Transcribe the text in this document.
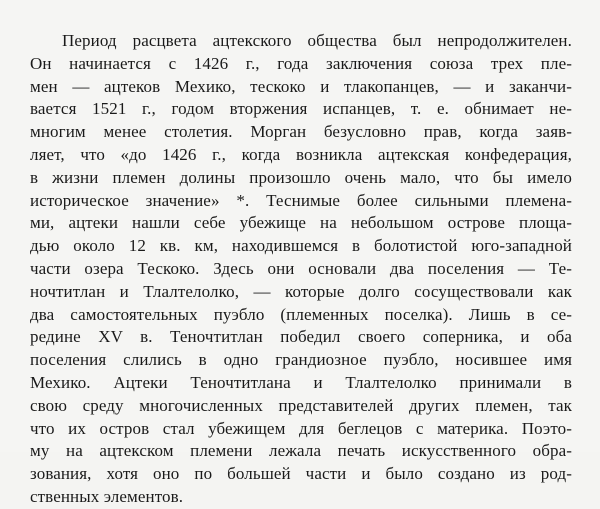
Период расцвета ацтекского общества был непродолжителен.
Он начинается с 1426 г., года заключения союза трех пле-
мен — ацтеков Мехико, тескоко и тлакопанцев, — и заканчи-
вается 1521 г., годом вторжения испанцев, т. е. обнимает не-
многим менее столетия. Морган безусловно прав, когда заяв-
ляет, что «до 1426 г., когда возникла ацтекская конфедерация,
в жизни племен долины произошло очень мало, что бы имело
историческое значение» *. Теснимые более сильными племена-
ми, ацтеки нашли себе убежище на небольшом острове площа-
дью около 12 кв. км, находившемся в болотистой юго-западной
части озера Тескоко. Здесь они основали два поселения — Те-
ночтитлан и Тлалтелолко, — которые долго сосуществовали как
два самостоятельных пуэбло (племенных поселка). Лишь в се-
редине XV в. Теночтитлан победил своего соперника, и оба
поселения слились в одно грандиозное пуэбло, носившее имя
Мехико. Ацтеки Теночтитлана и Тлалтелолко принимали в
свою среду многочисленных представителей других племен, так
что их остров стал убежищем для беглецов с материка. Поэто-
му на ацтекском племени лежала печать искусственного обра-
зования, хотя оно по большей части и было создано из род-
ственных элементов.
